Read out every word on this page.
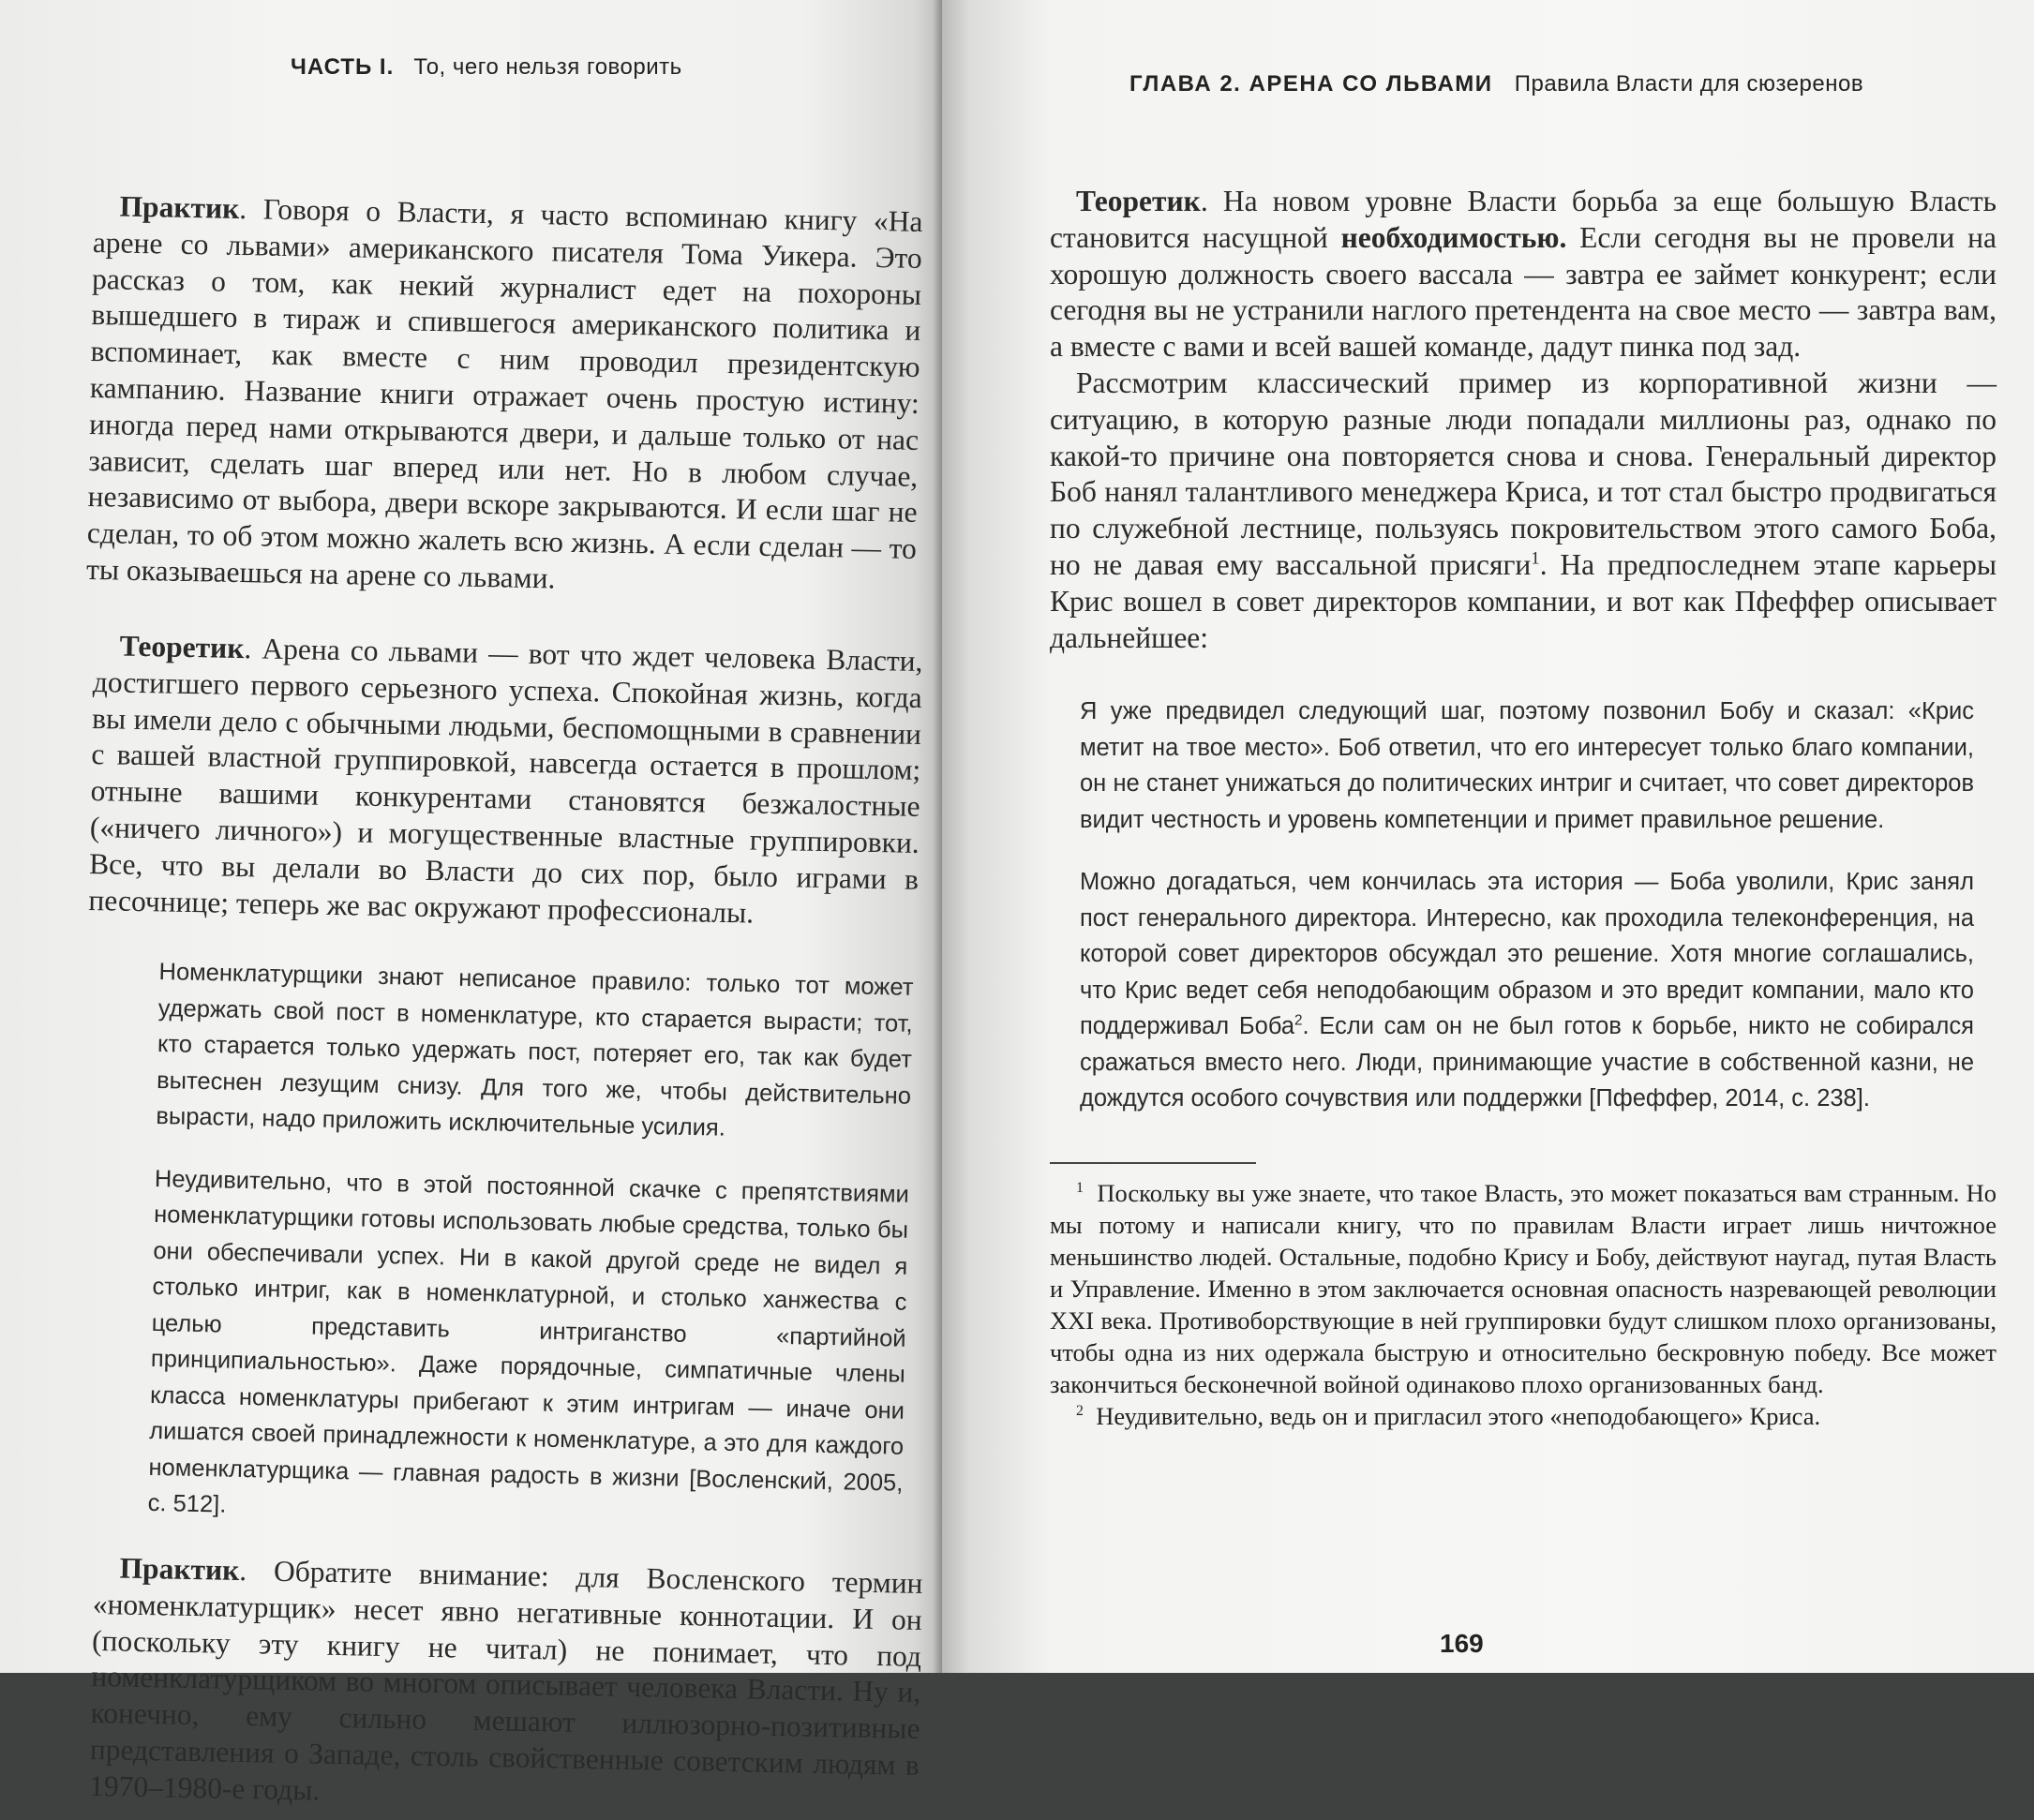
ЧАСТЬ I. То, чего нельзя говорить

Практик. Говоря о Власти, я часто вспоминаю книгу «На арене со львами» американского писателя Тома Уикера. Это рассказ о том, как некий журналист едет на похороны вышедшего в тираж и спившегося американского политика и вспоминает, как вместе с ним проводил президентскую кампанию. Название книги отражает очень простую истину: иногда перед нами открываются двери, и дальше только от нас зависит, сделать шаг вперед или нет. Но в любом случае, независимо от выбора, двери вскоре закрываются. И если шаг не сделан, то об этом можно жалеть всю жизнь. А если сделан — то ты оказываешься на арене со львами.

Теоретик. Арена со львами — вот что ждет человека Власти, достигшего первого серьезного успеха. Спокойная жизнь, когда вы имели дело с обычными людьми, беспомощными в сравнении с вашей властной группировкой, навсегда остается в прошлом; отныне вашими конкурентами становятся безжалостные («ничего личного») и могущественные властные группировки. Все, что вы делали во Власти до сих пор, было играми в песочнице; теперь же вас окружают профессионалы.

Номенклатурщики знают неписаное правило: только тот может удержать свой пост в номенклатуре, кто старается вырасти; тот, кто старается только удержать пост, потеряет его, так как будет вытеснен лезущим снизу. Для того же, чтобы действительно вырасти, надо приложить исключительные усилия.

Неудивительно, что в этой постоянной скачке с препятствиями номенклатурщики готовы использовать любые средства, только бы они обеспечивали успех. Ни в какой другой среде не видел я столько интриг, как в номенклатурной, и столько ханжества с целью представить интриганство «партийной принципиальностью». Даже порядочные, симпатичные члены класса номенклатуры прибегают к этим интригам — иначе они лишатся своей принадлежности к номенклатуре, а это для каждого номенклатурщика — главная радость в жизни [Восленский, 2005, с. 512].

Практик. Обратите внимание: для Восленского термин «номенклатурщик» несет явно негативные коннотации. И он (поскольку эту книгу не читал) не понимает, что под номенклатурщиком во многом описывает человека Власти. Ну и, конечно, ему сильно мешают иллюзорно-позитивные представления о Западе, столь свойственные советским людям в 1970–1980-е годы.

ГЛАВА 2. АРЕНА СО ЛЬВАМИ Правила Власти для сюзеренов

Теоретик. На новом уровне Власти борьба за еще большую Власть становится насущной необходимостью. Если сегодня вы не провели на хорошую должность своего вассала — завтра ее займет конкурент; если сегодня вы не устранили наглого претендента на свое место — завтра вам, а вместе с вами и всей вашей команде, дадут пинка под зад.

Рассмотрим классический пример из корпоративной жизни — ситуацию, в которую разные люди попадали миллионы раз, однако по какой-то причине она повторяется снова и снова. Генеральный директор Боб нанял талантливого менеджера Криса, и тот стал быстро продвигаться по служебной лестнице, пользуясь покровительством этого самого Боба, но не давая ему вассальной присяги$^1$. На предпоследнем этапе карьеры Крис вошел в совет директоров компании, и вот как Пфеффер описывает дальнейшее:

Я уже предвидел следующий шаг, поэтому позвонил Бобу и сказал: «Крис метит на твое место». Боб ответил, что его интересует только благо компании, он не станет унижаться до политических интриг и считает, что совет директоров видит честность и уровень компетенции и примет правильное решение.

Можно догадаться, чем кончилась эта история — Боба уволили, Крис занял пост генерального директора. Интересно, как проходила телеконференция, на которой совет директоров обсуждал это решение. Хотя многие соглашались, что Крис ведет себя неподобающим образом и это вредит компании, мало кто поддерживал Боба$^2$. Если сам он не был готов к борьбе, никто не собирался сражаться вместо него. Люди, принимающие участие в собственной казни, не дождутся особого сочувствия или поддержки [Пфеффер, 2014, с. 238].

$^1$ Поскольку вы уже знаете, что такое Власть, это может показаться вам странным. Но мы потому и написали книгу, что по правилам Власти играет лишь ничтожное меньшинство людей. Остальные, подобно Крису и Бобу, действуют наугад, путая Власть и Управление. Именно в этом заключается основная опасность назревающей революции XXI века. Противоборствующие в ней группировки будут слишком плохо организованы, чтобы одна из них одержала быструю и относительно бескровную победу. Все может закончиться бесконечной войной одинаково плохо организованных банд.

$^2$ Неудивительно, ведь он и пригласил этого «неподобающего» Криса.

169
